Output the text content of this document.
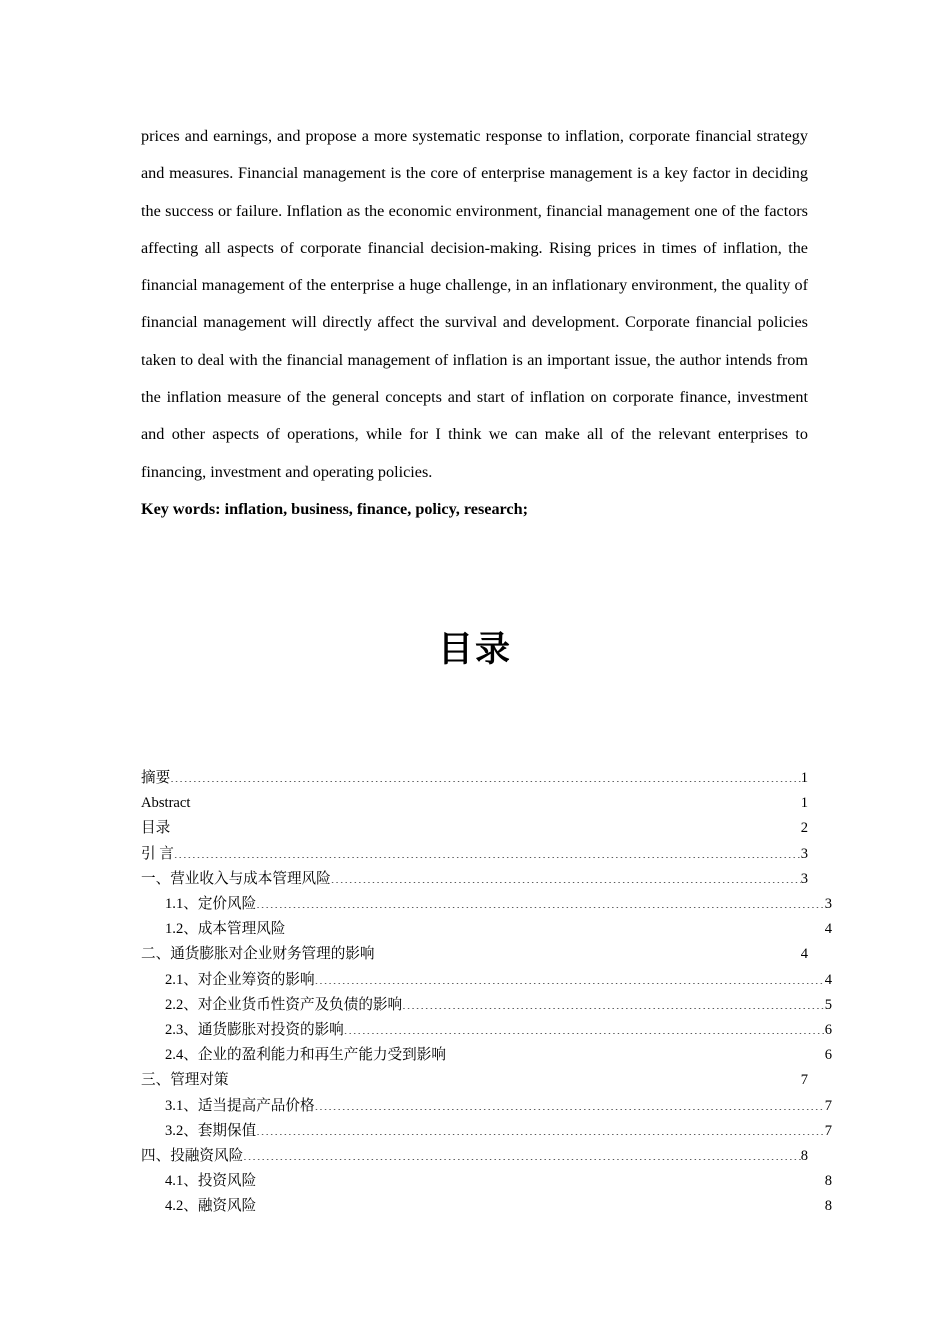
prices and earnings, and propose a more systematic response to inflation, corporate financial strategy and measures. Financial management is the core of enterprise management is a key factor in deciding the success or failure. Inflation as the economic environment, financial management one of the factors affecting all aspects of corporate financial decision-making. Rising prices in times of inflation, the financial management of the enterprise a huge challenge, in an inflationary environment, the quality of financial management will directly affect the survival and development. Corporate financial policies taken to deal with the financial management of inflation is an important issue, the author intends from the inflation measure of the general concepts and start of inflation on corporate finance, investment and other aspects of operations, while for I think we can make all of the relevant enterprises to financing, investment and operating policies.

Key words: inflation, business, finance, policy, research;

目录
摘要 .....	1
Abstract .....	1
目录 .....	2
引 言 .....	3
一、营业收入与成本管理风险 .....	3
1.1、定价风险 .....	3
1.2、成本管理风险 .....	4
二、通货膨胀对企业财务管理的影响 .....	4
2.1、对企业筹资的影响 .....	4
2.2、对企业货币性资产及负债的影响 .....	5
2.3、通货膨胀对投资的影响 .....	6
2.4、企业的盈利能力和再生产能力受到影响 .....	6
三、管理对策 .....	7
3.1、适当提高产品价格 .....	7
3.2、套期保值 .....	7
四、投融资风险 .....	8
4.1、投资风险 .....	8
4.2、融资风险 .....	8
